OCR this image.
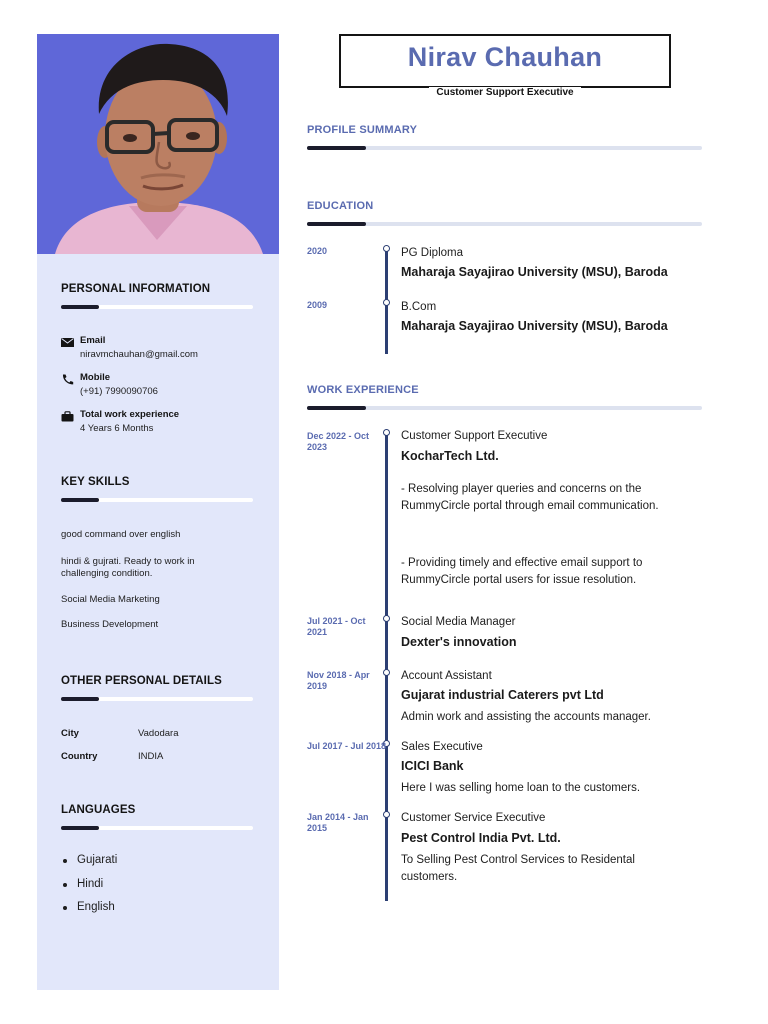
PERSONAL INFORMATION
Email
niravmchauhan@gmail.com
Mobile
(+91) 7990090706
Total work experience
4 Years 6 Months
KEY SKILLS
good command over english
hindi & gujrati. Ready to work in challenging condition.
Social Media Marketing
Business Development
OTHER PERSONAL DETAILS
City	Vadodara
Country	INDIA
LANGUAGES
Gujarati
Hindi
English
Nirav Chauhan
Customer Support Executive
PROFILE SUMMARY
EDUCATION
2020	PG Diploma
Maharaja Sayajirao University (MSU), Baroda
2009	B.Com
Maharaja Sayajirao University (MSU), Baroda
WORK EXPERIENCE
Dec 2022 - Oct 2023
Customer Support Executive
KocharTech Ltd.
- Resolving player queries and concerns on the RummyCircle portal through email communication.
- Providing timely and effective email support to RummyCircle portal users for issue resolution.
Jul 2021 - Oct 2021
Social Media Manager
Dexter's innovation
Nov 2018 - Apr 2019
Account Assistant
Gujarat industrial Caterers pvt Ltd
Admin work and assisting the accounts manager.
Jul 2017 - Jul 2018 Sales Executive
ICICI Bank
Here I was selling home loan to the customers.
Jan 2014 - Jan 2015
Customer Service Executive
Pest Control India Pvt. Ltd.
To Selling Pest Control Services to Residental customers.
